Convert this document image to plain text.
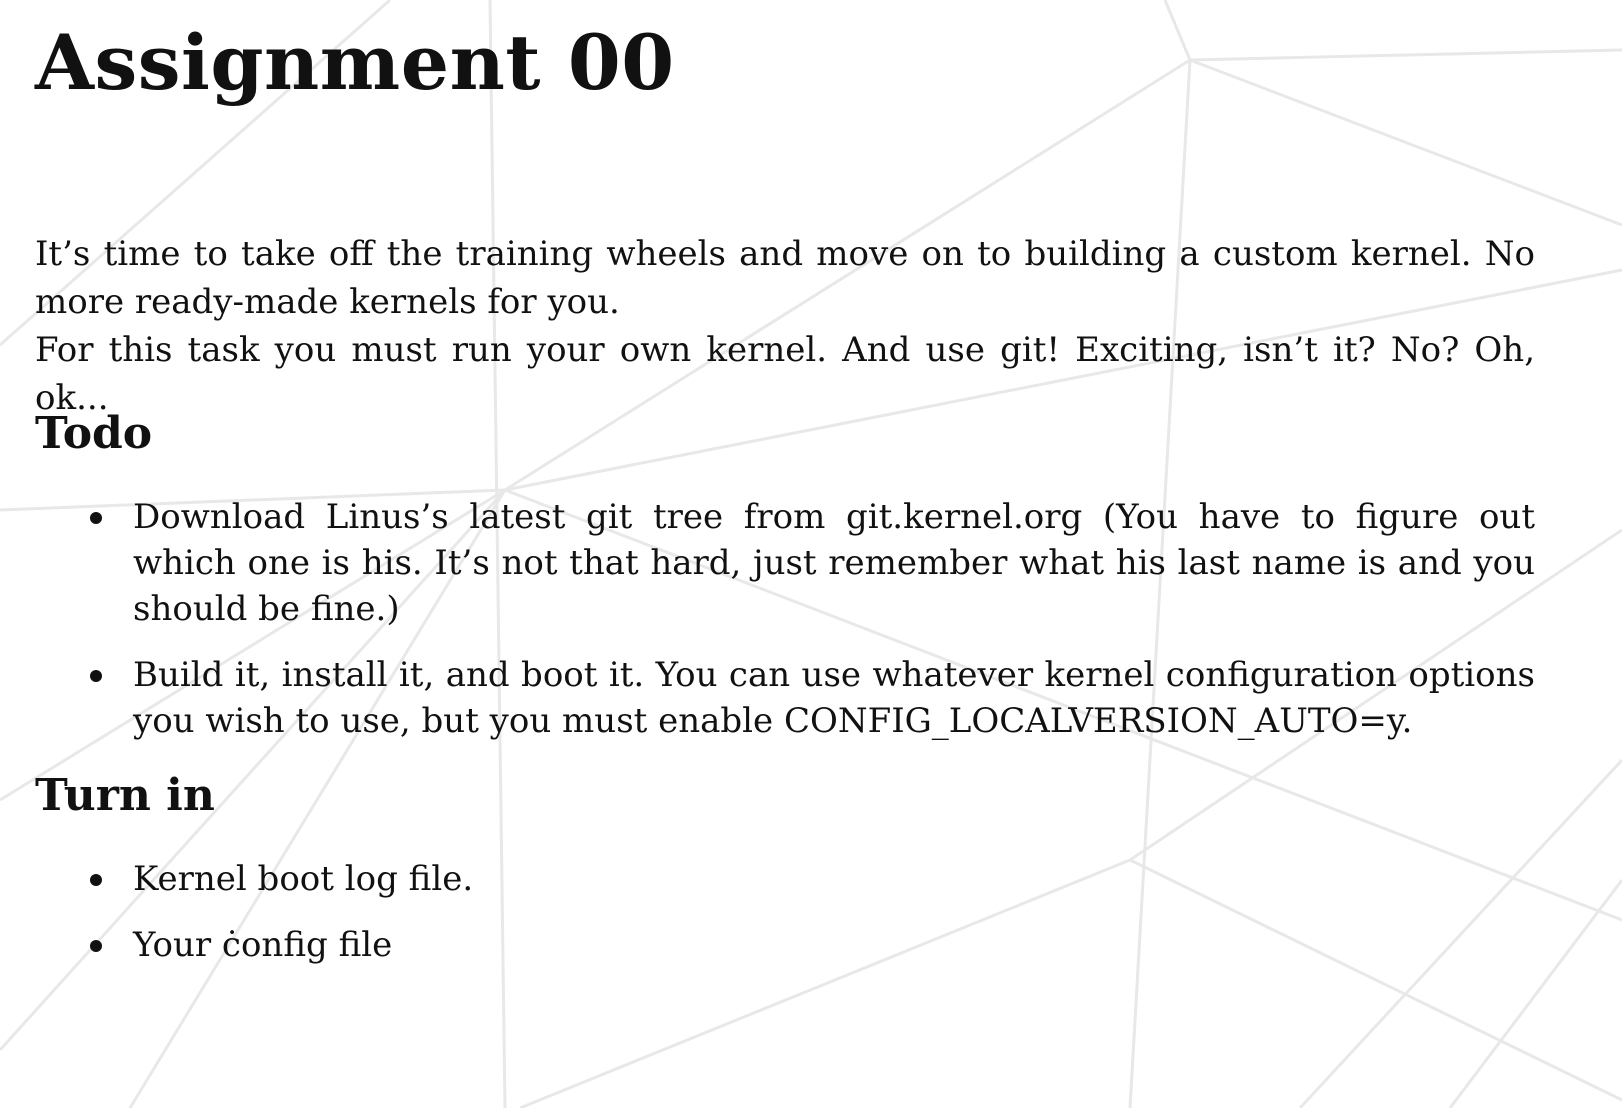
Assignment 00

It’s time to take off the training wheels and move on to building a custom kernel. No more ready-made kernels for you.

For this task you must run your own kernel. And use git! Exciting, isn’t it? No? Oh, ok...

Todo
Download Linus’s latest git tree from git.kernel.org (You have to figure out which one is his. It’s not that hard, just remember what his last name is and you should be fine.)
Build it, install it, and boot it. You can use whatever kernel configuration options you wish to use, but you must enable CONFIG_LOCALVERSION_AUTO=y.
Turn in
Kernel boot log file.
Your ċonfig file
